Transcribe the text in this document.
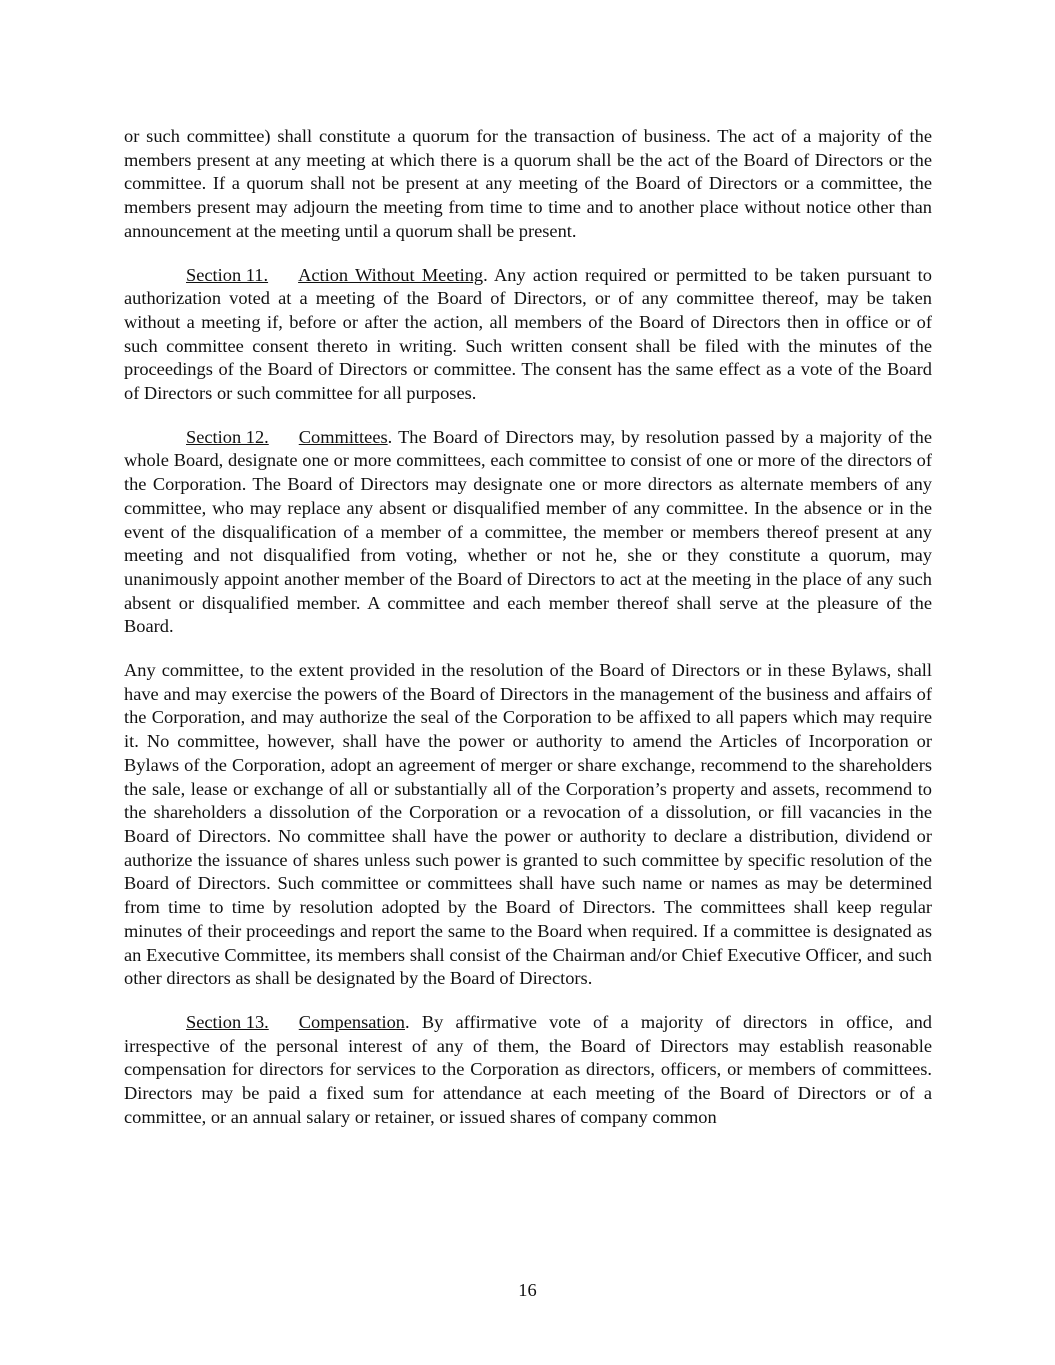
or such committee) shall constitute a quorum for the transaction of business. The act of a majority of the members present at any meeting at which there is a quorum shall be the act of the Board of Directors or the committee. If a quorum shall not be present at any meeting of the Board of Directors or a committee, the members present may adjourn the meeting from time to time and to another place without notice other than announcement at the meeting until a quorum shall be present.

Section 11. Action Without Meeting. Any action required or permitted to be taken pursuant to authorization voted at a meeting of the Board of Directors, or of any committee thereof, may be taken without a meeting if, before or after the action, all members of the Board of Directors then in office or of such committee consent thereto in writing. Such written consent shall be filed with the minutes of the proceedings of the Board of Directors or committee. The consent has the same effect as a vote of the Board of Directors or such committee for all purposes.

Section 12. Committees. The Board of Directors may, by resolution passed by a majority of the whole Board, designate one or more committees, each committee to consist of one or more of the directors of the Corporation. The Board of Directors may designate one or more directors as alternate members of any committee, who may replace any absent or disqualified member of any committee. In the absence or in the event of the disqualification of a member of a committee, the member or members thereof present at any meeting and not disqualified from voting, whether or not he, she or they constitute a quorum, may unanimously appoint another member of the Board of Directors to act at the meeting in the place of any such absent or disqualified member. A committee and each member thereof shall serve at the pleasure of the Board.

Any committee, to the extent provided in the resolution of the Board of Directors or in these Bylaws, shall have and may exercise the powers of the Board of Directors in the management of the business and affairs of the Corporation, and may authorize the seal of the Corporation to be affixed to all papers which may require it. No committee, however, shall have the power or authority to amend the Articles of Incorporation or Bylaws of the Corporation, adopt an agreement of merger or share exchange, recommend to the shareholders the sale, lease or exchange of all or substantially all of the Corporation’s property and assets, recommend to the shareholders a dissolution of the Corporation or a revocation of a dissolution, or fill vacancies in the Board of Directors. No committee shall have the power or authority to declare a distribution, dividend or authorize the issuance of shares unless such power is granted to such committee by specific resolution of the Board of Directors. Such committee or committees shall have such name or names as may be determined from time to time by resolution adopted by the Board of Directors. The committees shall keep regular minutes of their proceedings and report the same to the Board when required. If a committee is designated as an Executive Committee, its members shall consist of the Chairman and/or Chief Executive Officer, and such other directors as shall be designated by the Board of Directors.

Section 13. Compensation. By affirmative vote of a majority of directors in office, and irrespective of the personal interest of any of them, the Board of Directors may establish reasonable compensation for directors for services to the Corporation as directors, officers, or members of committees. Directors may be paid a fixed sum for attendance at each meeting of the Board of Directors or of a committee, or an annual salary or retainer, or issued shares of company common

16
